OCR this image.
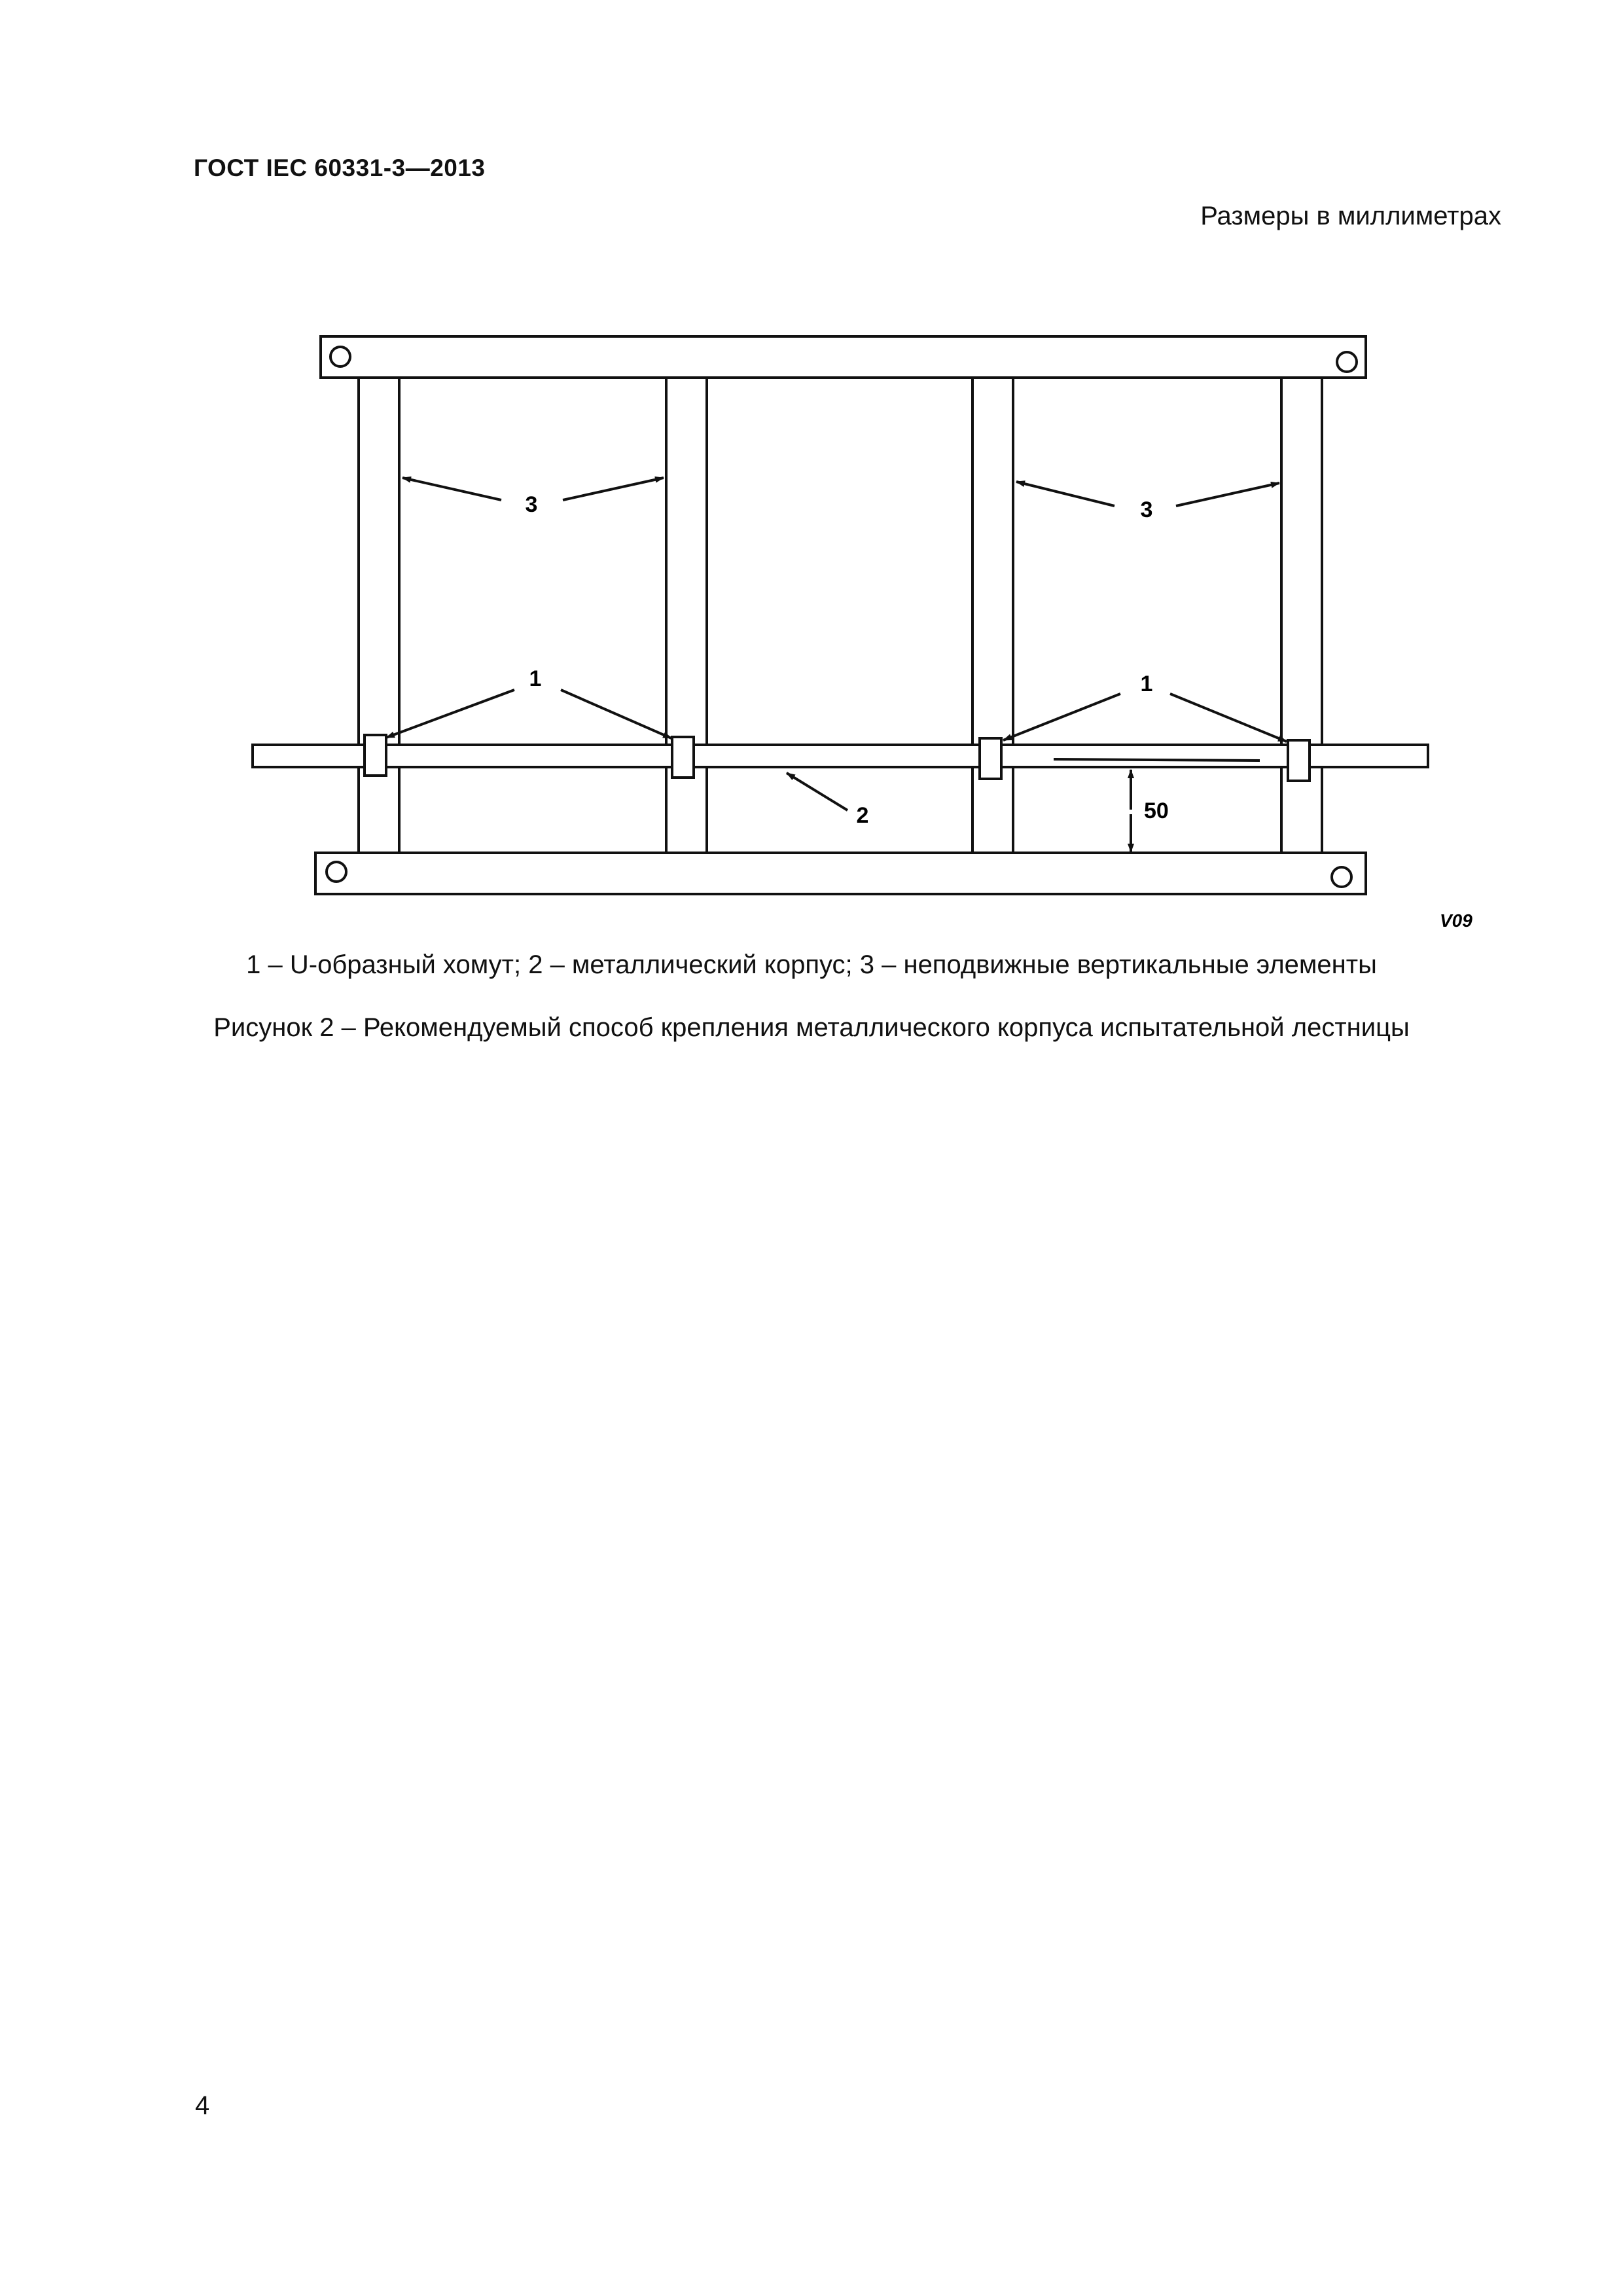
ГОСТ IEC 60331-3—2013
Размеры в миллиметрах
3	3
1	1
2	50
V09
1 – U-образный хомут; 2 – металлический корпус; 3 – неподвижные вертикальные элементы
Рисунок 2 – Рекомендуемый способ крепления металлического корпуса испытательной лестницы
4
